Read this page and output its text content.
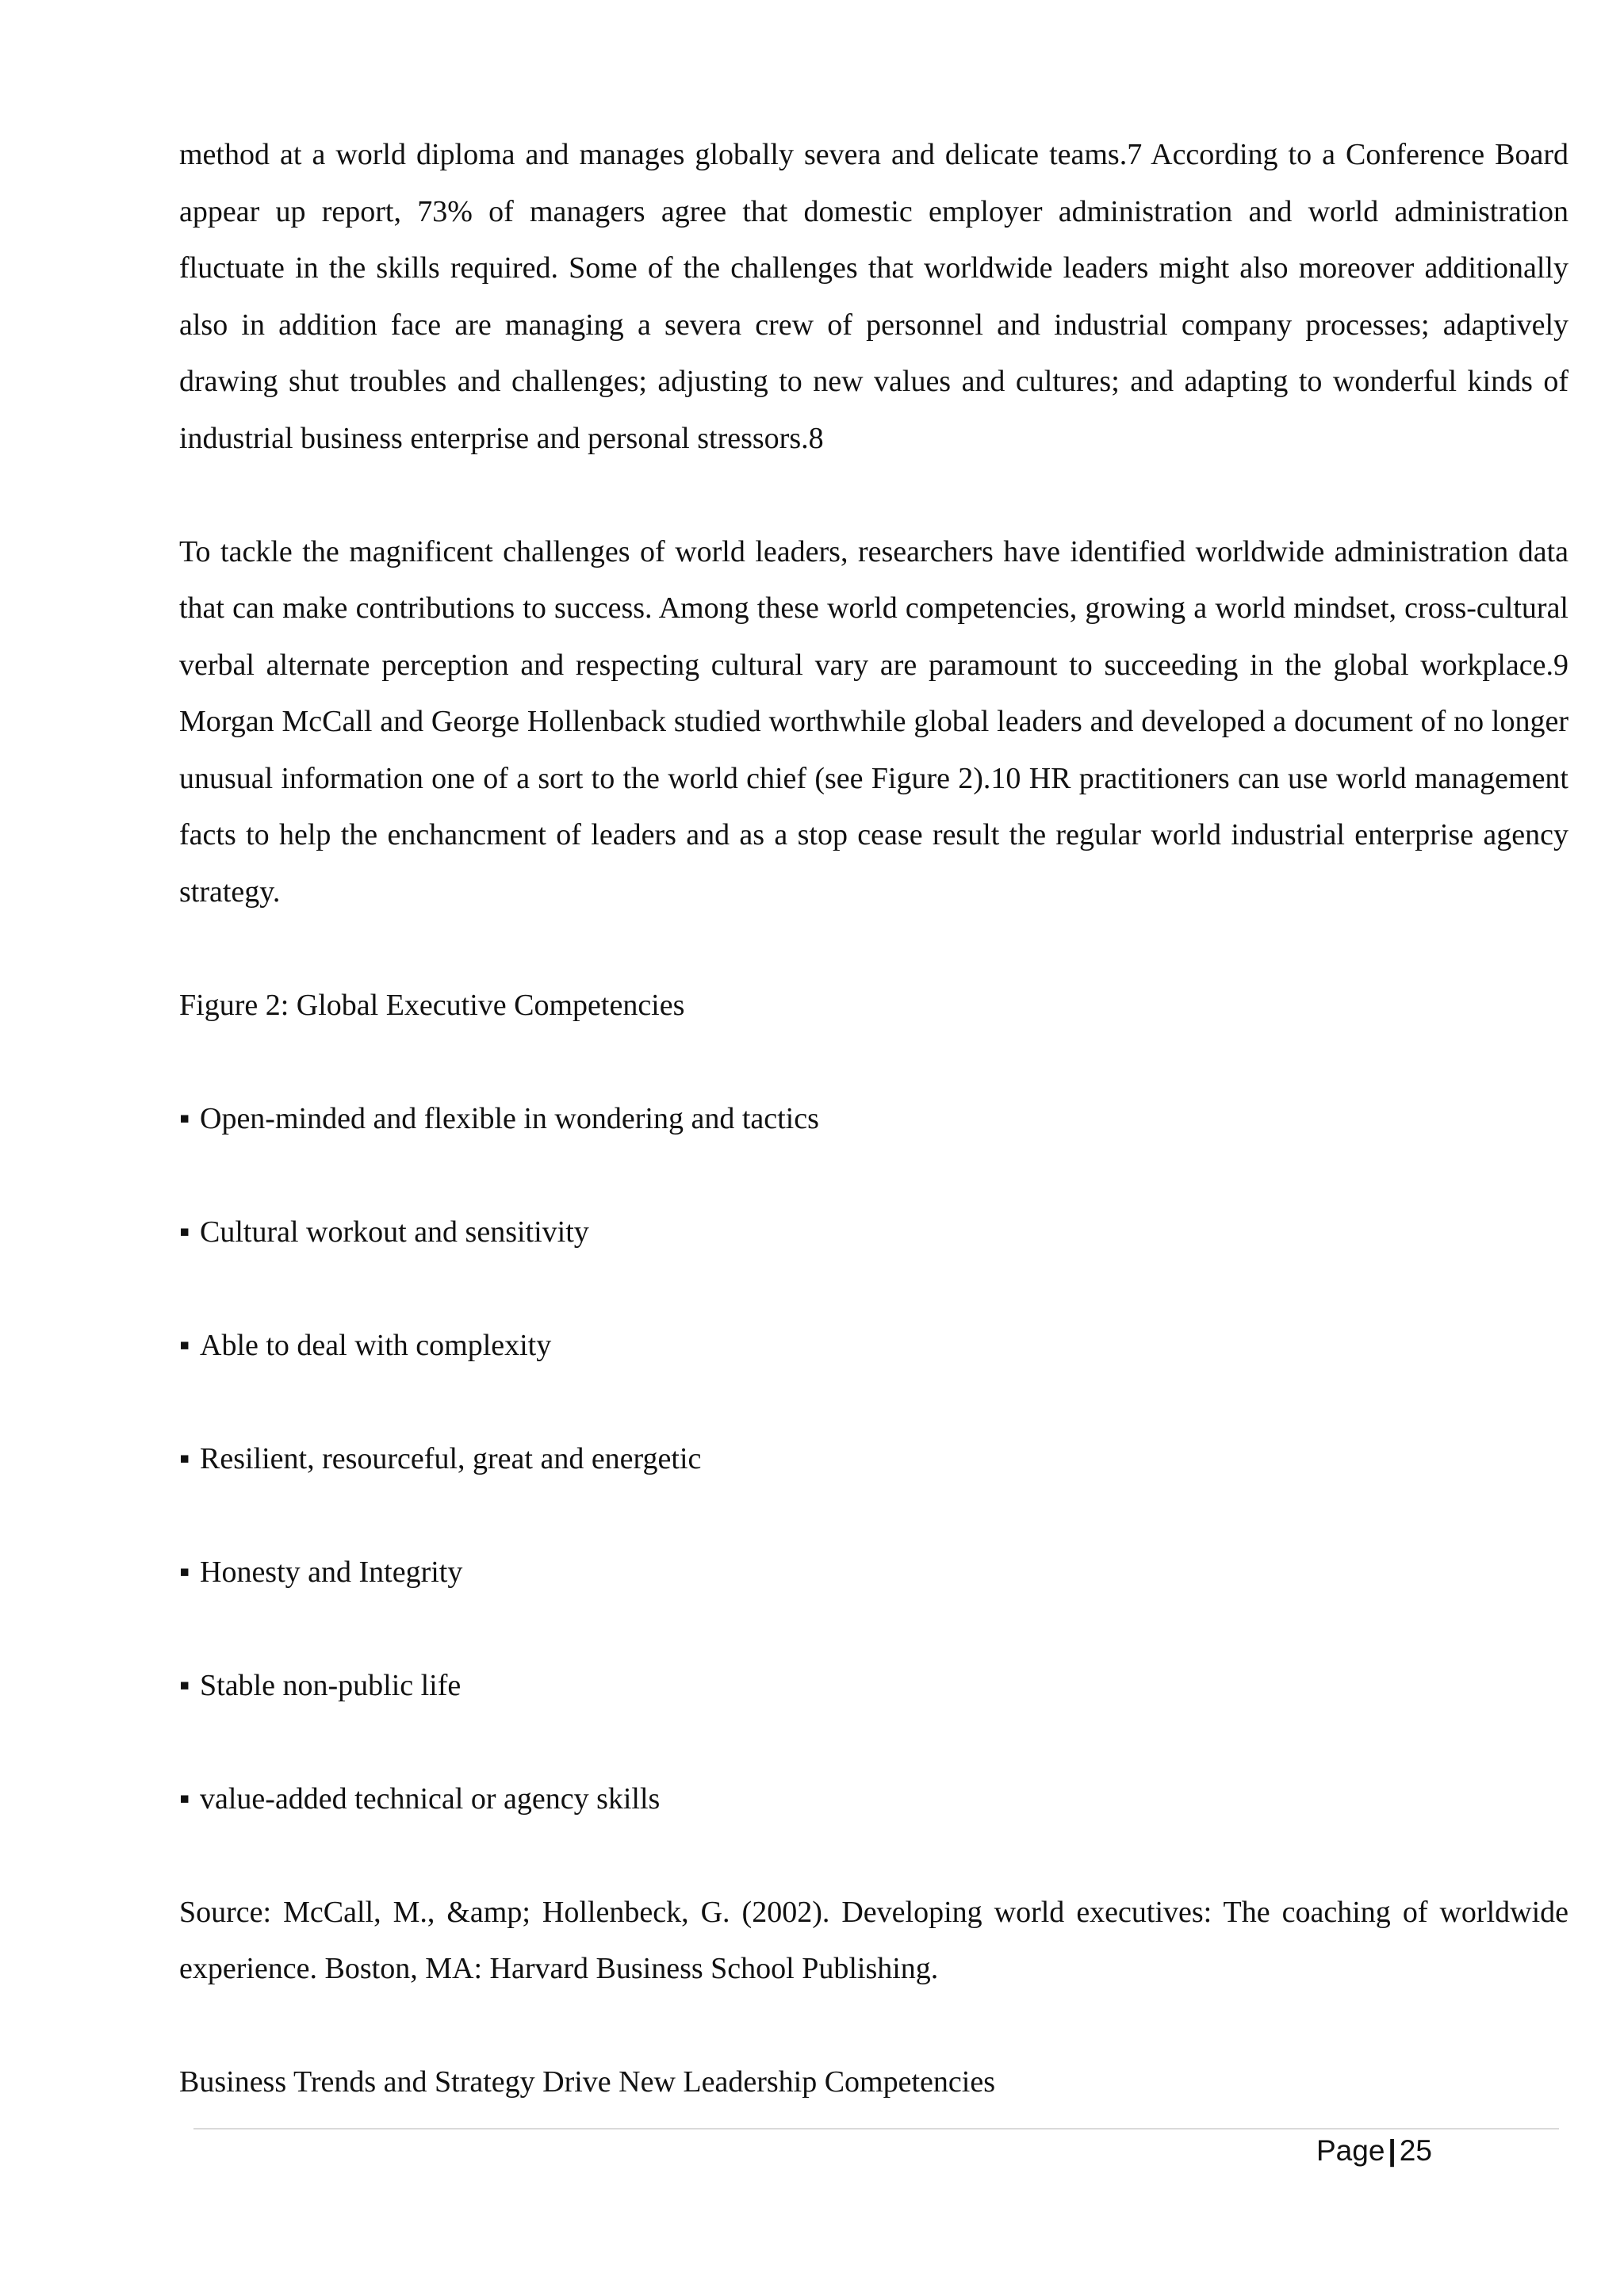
method at a world diploma and manages globally severa and delicate teams.7 According to a Conference Board appear up report, 73% of managers agree that domestic employer administration and world administration fluctuate in the skills required. Some of the challenges that worldwide leaders might also moreover additionally also in addition face are managing a severa crew of personnel and industrial company processes; adaptively drawing shut troubles and challenges; adjusting to new values and cultures; and adapting to wonderful kinds of industrial business enterprise and personal stressors.8

To tackle the magnificent challenges of world leaders, researchers have identified worldwide administration data that can make contributions to success. Among these world competencies, growing a world mindset, cross-cultural verbal alternate perception and respecting cultural vary are paramount to succeeding in the global workplace.9 Morgan McCall and George Hollenback studied worthwhile global leaders and developed a document of no longer unusual information one of a sort to the world chief (see Figure 2).10 HR practitioners can use world management facts to help the enchancment of leaders and as a stop cease result the regular world industrial enterprise agency strategy.

Figure 2: Global Executive Competencies

▪ Open-minded and flexible in wondering and tactics

▪ Cultural workout and sensitivity

▪ Able to deal with complexity

▪ Resilient, resourceful, great and energetic

▪ Honesty and Integrity

▪ Stable non-public life

▪ value-added technical or agency skills

Source: McCall, M., &amp; Hollenbeck, G. (2002). Developing world executives: The coaching of worldwide experience. Boston, MA: Harvard Business School Publishing.

Business Trends and Strategy Drive New Leadership Competencies

Page | 25
